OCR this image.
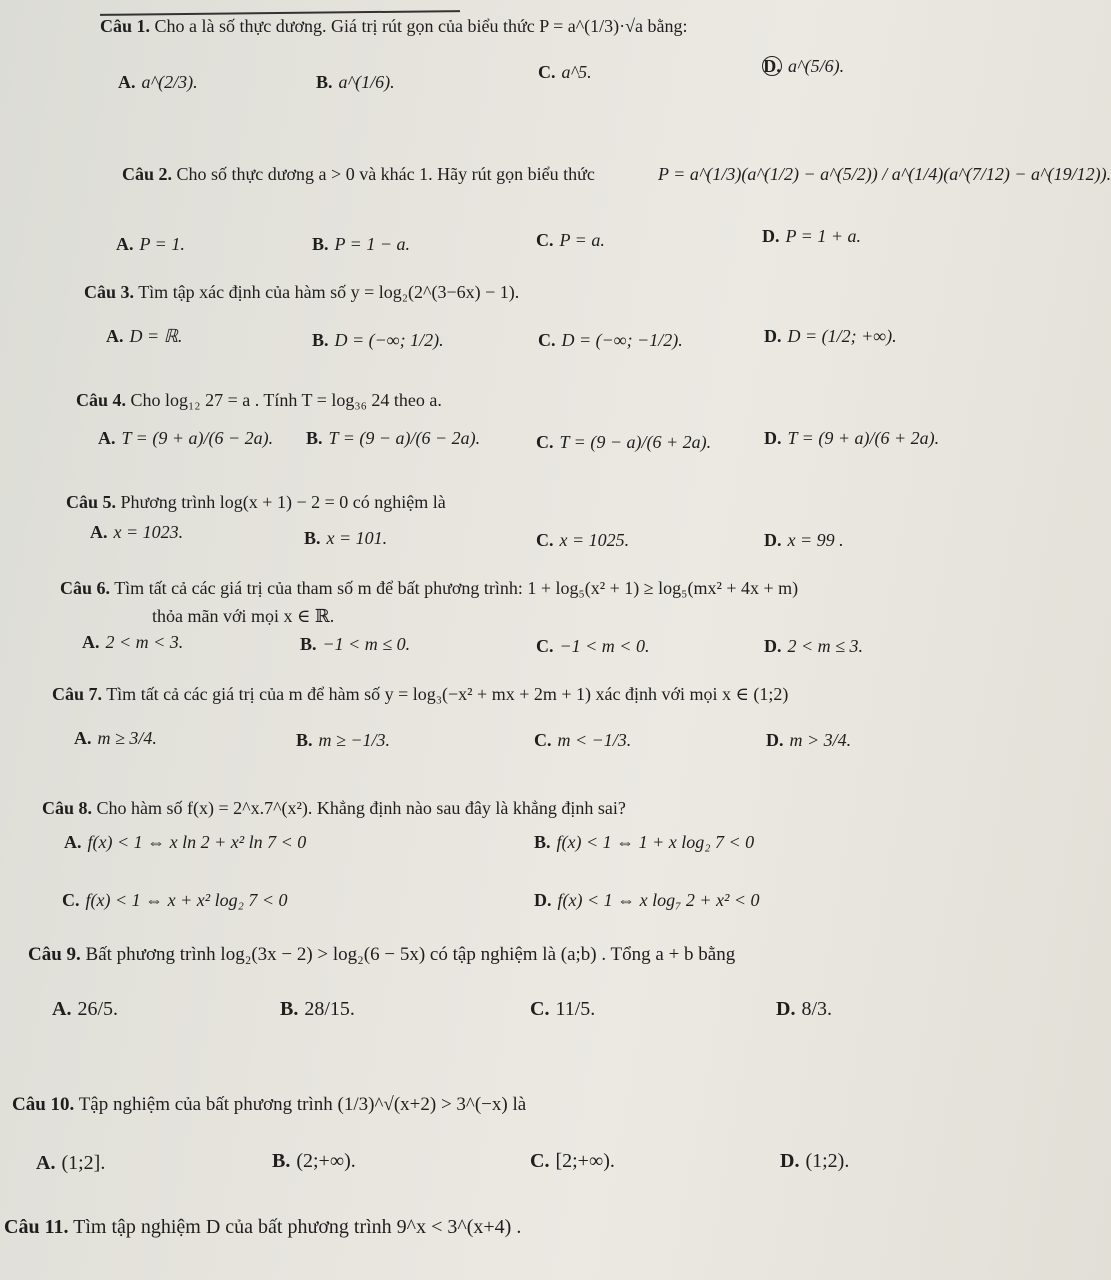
Câu 1. Cho a là số thực dương. Giá trị rút gọn của biểu thức P = a^(1/3)·√a bằng:
A. a^(2/3).	B. a^(1/6).	C. a^5.	D. a^(5/6).
Câu 2. Cho số thực dương a > 0 và khác 1. Hãy rút gọn biểu thức	P = a^(1/3)(a^(1/2) − a^(5/2)) / a^(1/4)(a^(7/12) − a^(19/12)).
A. P = 1.	B. P = 1 − a.	C. P = a.	D. P = 1 + a.
Câu 3. Tìm tập xác định của hàm số y = log₂(2^(3−6x) − 1).
A. D = ℝ.	B. D = (−∞; 1/2).	C. D = (−∞; −1/2).	D. D = (1/2; +∞).
Câu 4. Cho log₁₂ 27 = a . Tính T = log₃₆ 24 theo a.
A. T = (9 + a)/(6 − 2a). B. T = (9 − a)/(6 − 2a).	C. T = (9 − a)/(6 + 2a).	D. T = (9 + a)/(6 + 2a).
Câu 5. Phương trình log(x + 1) − 2 = 0 có nghiệm là
A. x = 1023.	B. x = 101.	C. x = 1025.	D. x = 99 .
Câu 6. Tìm tất cả các giá trị của tham số m để bất phương trình: 1 + log₅(x² + 1) ≥ log₅(mx² + 4x + m)
thỏa mãn với mọi x ∈ ℝ.
A. 2 < m < 3.	B. −1 < m ≤ 0.	C. −1 < m < 0.	D. 2 < m ≤ 3.
Câu 7. Tìm tất cả các giá trị của m để hàm số y = log₃(−x² + mx + 2m + 1) xác định với mọi x ∈ (1;2)
A. m ≥ 3/4.	B. m ≥ −1/3.	C. m < −1/3.	D. m > 3/4.
Câu 8. Cho hàm số f(x) = 2^x.7^(x²). Khẳng định nào sau đây là khẳng định sai?
A. f(x) < 1 ⇔ x ln 2 + x² ln 7 < 0	B. f(x) < 1 ⇔ 1 + x log₂ 7 < 0
C. f(x) < 1 ⇔ x + x² log₂ 7 < 0	D. f(x) < 1 ⇔ x log₇ 2 + x² < 0
Câu 9. Bất phương trình log₂(3x − 2) > log₂(6 − 5x) có tập nghiệm là (a;b) . Tổng a + b bằng
A. 26/5.	B. 28/15.	C. 11/5.	D. 8/3.
Câu 10. Tập nghiệm của bất phương trình (1/3)^√(x+2) > 3^(−x) là
A. (1;2].	B. (2;+∞).	C. [2;+∞).	D. (1;2).
Câu 11. Tìm tập nghiệm D của bất phương trình 9^x < 3^(x+4) .
